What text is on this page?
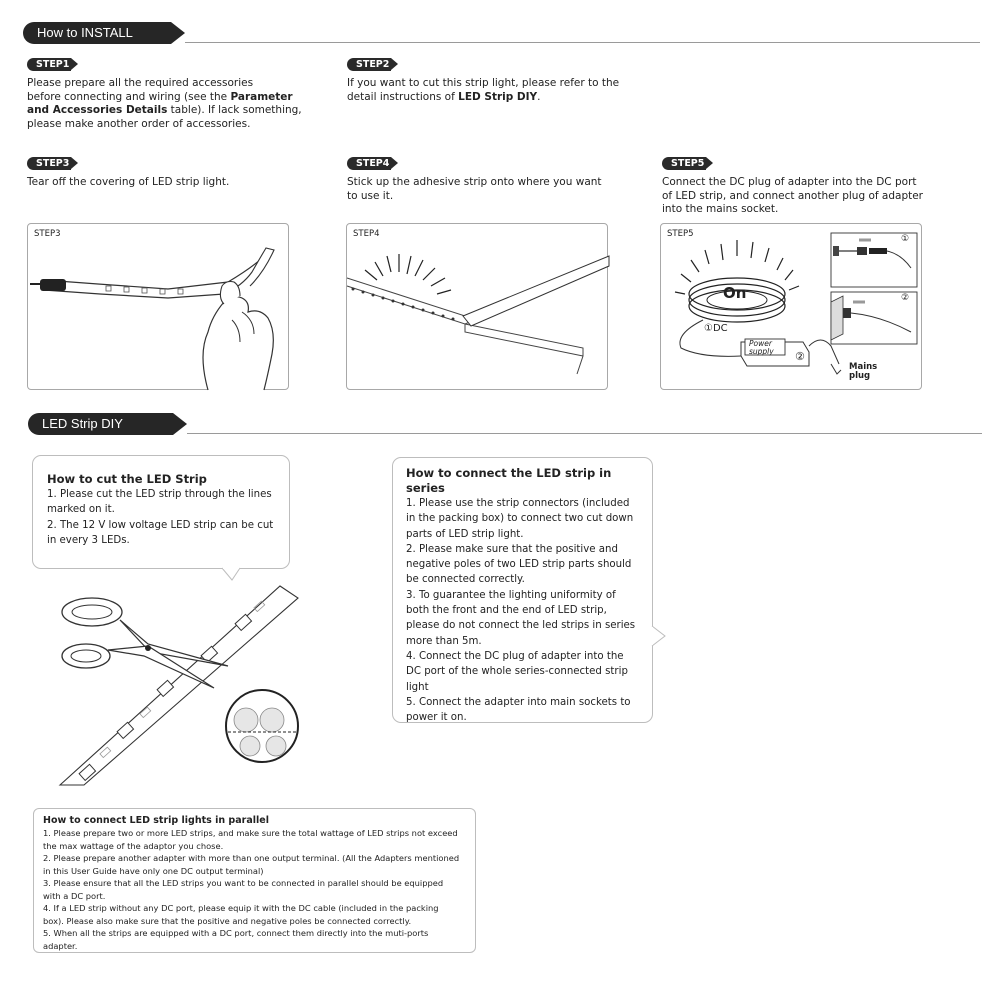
How to INSTALL
STEP1
Please prepare all the required accessories
before connecting and wiring (see the Parameter
and Accessories Details table). If lack something,
please make another order of accessories.
STEP2
If you want to cut this strip light, please refer to the
detail instructions of LED Strip DIY.
STEP3
Tear off the covering of LED strip light.
STEP4
Stick up the adhesive strip onto where you want
to use it.
STEP5
Connect the DC plug of adapter into the DC port
of LED strip, and connect another plug of adapter
into the mains socket.
STEP3	STEP4	STEP5
On
①DC
Power
supply ②
Mains
plug
①
②
LED Strip DIY
How to cut the LED Strip
1. Please cut the LED strip through the lines
marked on it.
2. The 12 V low voltage LED strip can be cut
in every 3 LEDs.
How to connect the LED strip in series
1. Please use the strip connectors (included
in the packing box) to connect two cut down
parts of LED strip light.
2. Please make sure that the positive and
negative poles of two LED strip parts should
be connected correctly.
3. To guarantee the lighting uniformity of
both the front and the end of LED strip,
please do not connect the led strips in series
more than 5m.
4. Connect the DC plug of adapter into the
DC port of the whole series-connected strip
light
5. Connect the adapter into main sockets to
power it on.
How to connect LED strip lights in parallel
1. Please prepare two or more LED strips, and make sure the total wattage of LED strips not exceed
the max wattage of the adaptor you chose.
2. Please prepare another adapter with more than one output terminal. (All the Adapters mentioned
in this User Guide have only one DC output terminal)
3. Please ensure that all the LED strips you want to be connected in parallel should be equipped
with a DC port.
4. If a LED strip without any DC port, please equip it with the DC cable (included in the packing
box). Please also make sure that the positive and negative poles be connected correctly.
5. When all the strips are equipped with a DC port, connect them directly into the muti-ports
adapter.
